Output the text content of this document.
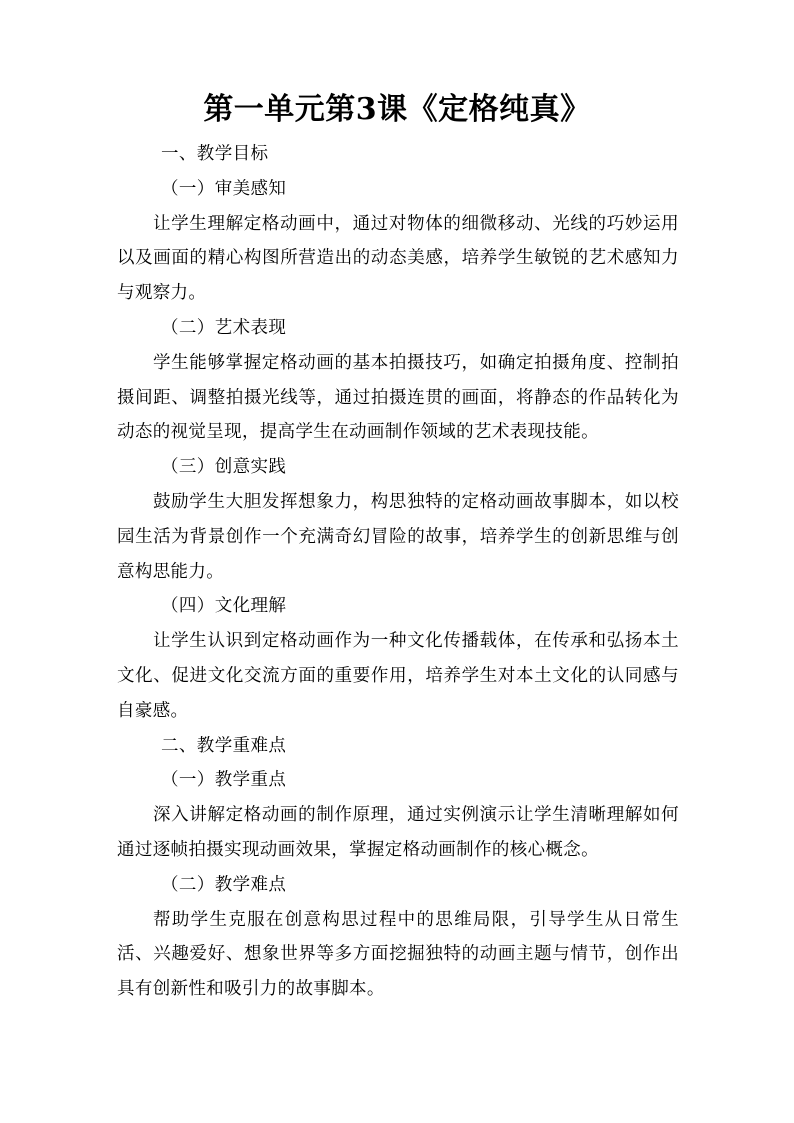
第一单元第3课《定格纯真》

一、教学目标

（一）审美感知

让学生理解定格动画中，通过对物体的细微移动、光线的巧妙运用以及画面的精心构图所营造出的动态美感，培养学生敏锐的艺术感知力与观察力。

（二）艺术表现

学生能够掌握定格动画的基本拍摄技巧，如确定拍摄角度、控制拍摄间距、调整拍摄光线等，通过拍摄连贯的画面，将静态的作品转化为动态的视觉呈现，提高学生在动画制作领域的艺术表现技能。

（三）创意实践

鼓励学生大胆发挥想象力，构思独特的定格动画故事脚本，如以校园生活为背景创作一个充满奇幻冒险的故事，培养学生的创新思维与创意构思能力。

（四）文化理解

让学生认识到定格动画作为一种文化传播载体，在传承和弘扬本土文化、促进文化交流方面的重要作用，培养学生对本土文化的认同感与自豪感。

二、教学重难点

（一）教学重点

深入讲解定格动画的制作原理，通过实例演示让学生清晰理解如何通过逐帧拍摄实现动画效果，掌握定格动画制作的核心概念。

（二）教学难点

帮助学生克服在创意构思过程中的思维局限，引导学生从日常生活、兴趣爱好、想象世界等多方面挖掘独特的动画主题与情节，创作出具有创新性和吸引力的故事脚本。
